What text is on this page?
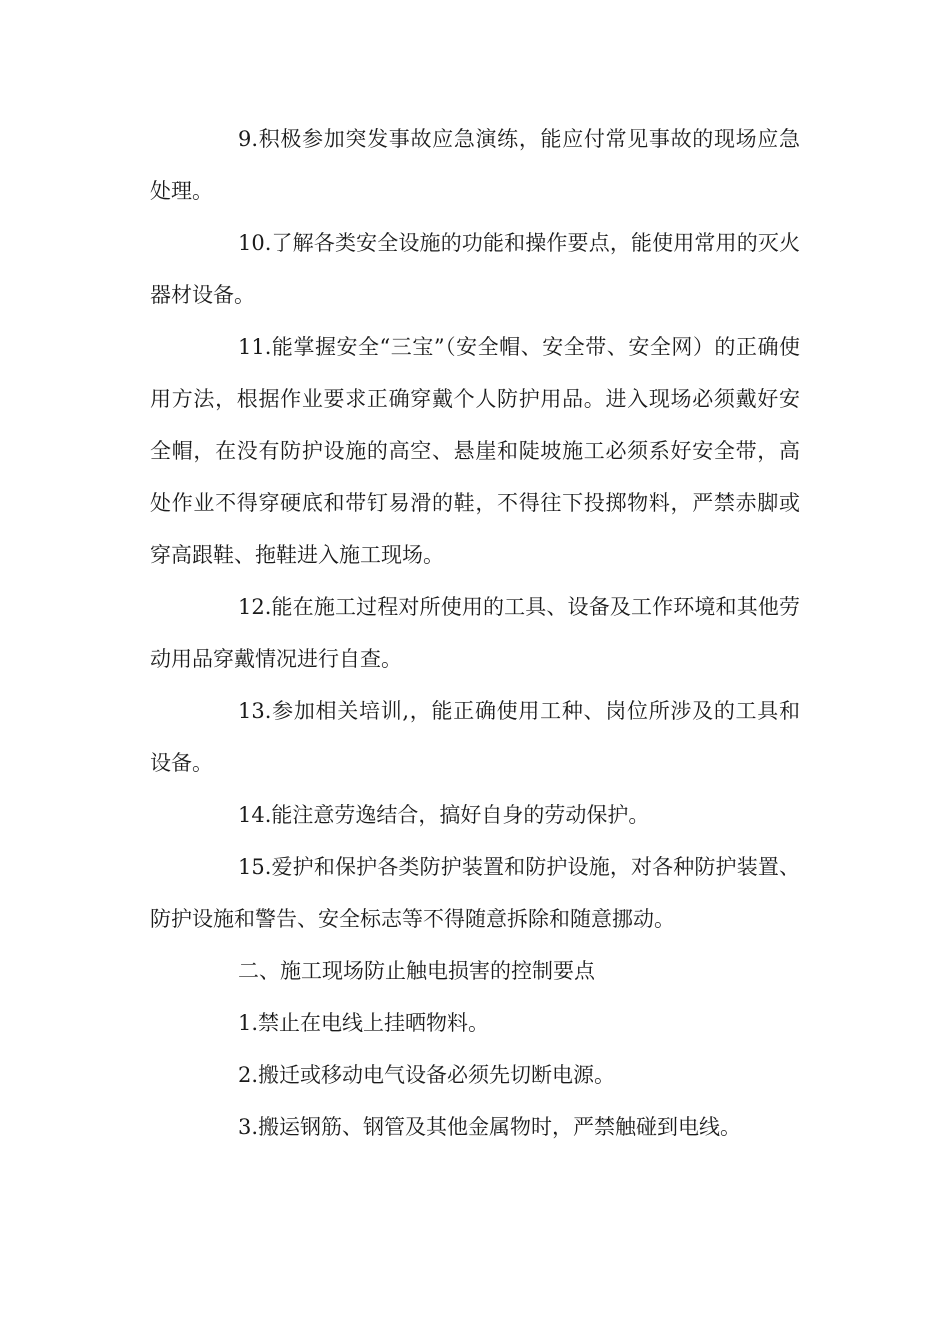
9.积极参加突发事故应急演练，能应付常见事故的现场应急处理。

10.了解各类安全设施的功能和操作要点，能使用常用的灭火器材设备。

11.能掌握安全“三宝”（安全帽、安全带、安全网）的正确使用方法，根据作业要求正确穿戴个人防护用品。进入现场必须戴好安全帽，在没有防护设施的高空、悬崖和陡坡施工必须系好安全带，高处作业不得穿硬底和带钉易滑的鞋，不得往下投掷物料，严禁赤脚或穿高跟鞋、拖鞋进入施工现场。

12.能在施工过程对所使用的工具、设备及工作环境和其他劳动用品穿戴情况进行自查。

13.参加相关培训,，能正确使用工种、岗位所涉及的工具和设备。

14.能注意劳逸结合，搞好自身的劳动保护。

15.爱护和保护各类防护装置和防护设施，对各种防护装置、防护设施和警告、安全标志等不得随意拆除和随意挪动。

二、施工现场防止触电损害的控制要点

1.禁止在电线上挂晒物料。

2.搬迁或移动电气设备必须先切断电源。

3.搬运钢筋、钢管及其他金属物时，严禁触碰到电线。
